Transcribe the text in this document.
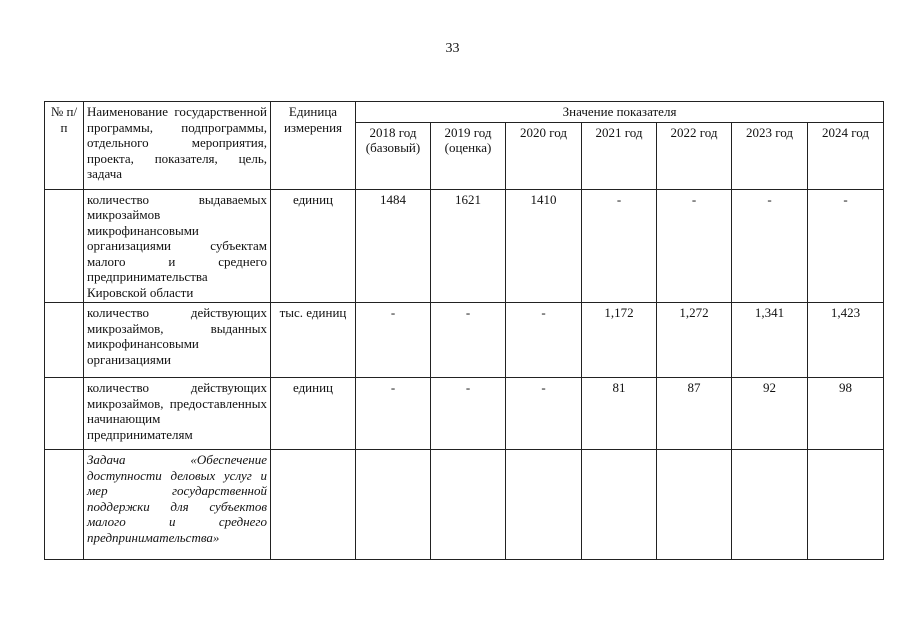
33
№ п/п	Наименование государственной программы, подпрограммы, отдельного мероприятия, проекта, показателя, цель, задача	Единица измерения	Значение показателя						
			2018 год (базовый)	2019 год (оценка)	2020 год	2021 год	2022 год	2023 год	2024 год
	количество выдаваемых микрозаймов микрофинансовыми организациями субъектам малого и среднего предпринимательства Кировской области	единиц	1484	1621	1410	-	-	-	-
	количество действующих микрозаймов, выданных микрофинансовыми организациями	тыс. единиц	-	-	-	1,172	1,272	1,341	1,423
	количество действующих микрозаймов, предоставленных начинающим предпринимателям	единиц	-	-	-	81	87	92	98
	Задача «Обеспечение доступности деловых услуг и мер государственной поддержки для субъектов малого и среднего предпринимательства»								
